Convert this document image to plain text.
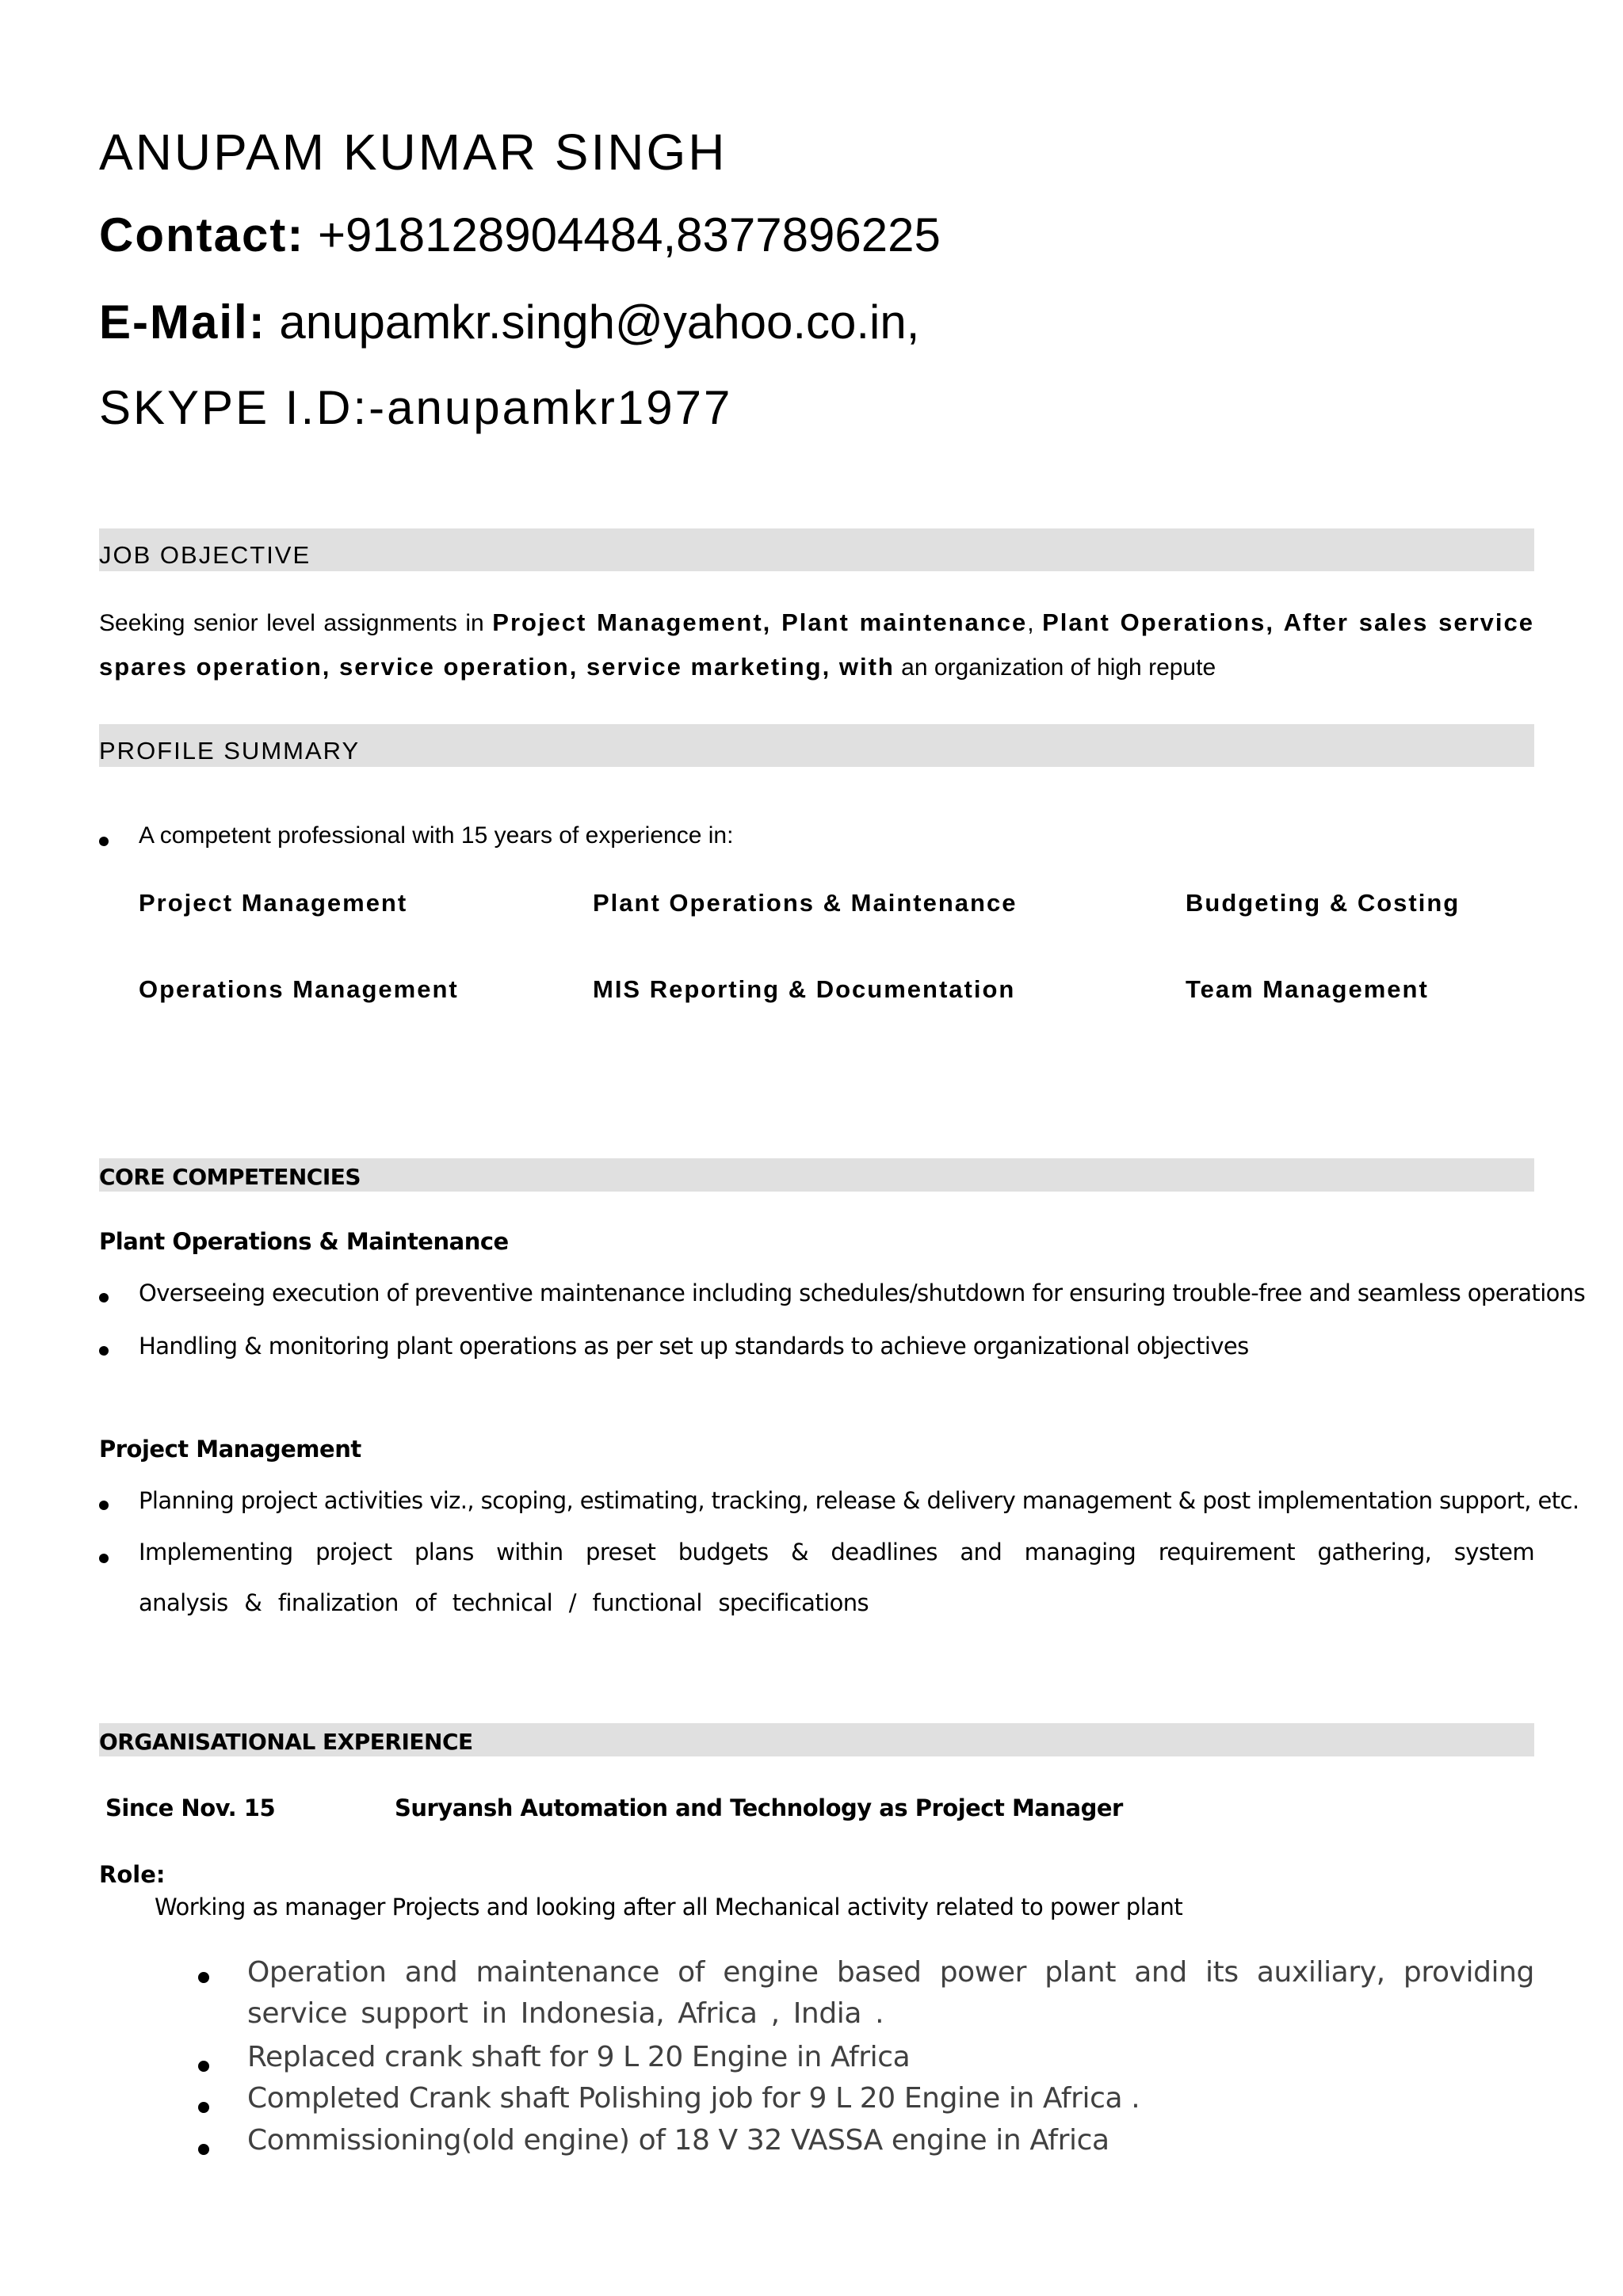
ANUPAM KUMAR SINGH
Contact: +918128904484,8377896225
E-Mail: anupamkr.singh@yahoo.co.in,
SKYPE I.D:-anupamkr1977
JOB OBJECTIVE
Seeking senior level assignments in Project Management, Plant maintenance, Plant Operations, After sales service spares operation, service operation, service marketing, with an organization of high repute
PROFILE SUMMARY
A competent professional with 15 years of experience in:
Project Management	Plant Operations & Maintenance	Budgeting & Costing
Operations Management	MIS Reporting & Documentation	Team Management
CORE COMPETENCIES
Plant Operations & Maintenance
Overseeing execution of preventive maintenance including schedules/shutdown for ensuring trouble-free and seamless operations
Handling & monitoring plant operations as per set up standards to achieve organizational objectives
Project Management
Planning project activities viz., scoping, estimating, tracking, release & delivery management & post implementation support, etc.
Implementing project plans within preset budgets & deadlines and managing requirement gathering, system analysis & finalization of technical / functional specifications
ORGANISATIONAL EXPERIENCE
Since Nov. 15	Suryansh Automation and Technology as Project Manager
Role:
Working as manager Projects and looking after all Mechanical activity related to power plant
Operation and maintenance of engine based power plant and its auxiliary, providing service support in Indonesia, Africa , India .
Replaced crank shaft for 9 L 20 Engine in Africa
Completed Crank shaft Polishing job for 9 L 20 Engine in Africa .
Commissioning(old engine) of 18 V 32 VASSA engine in Africa
